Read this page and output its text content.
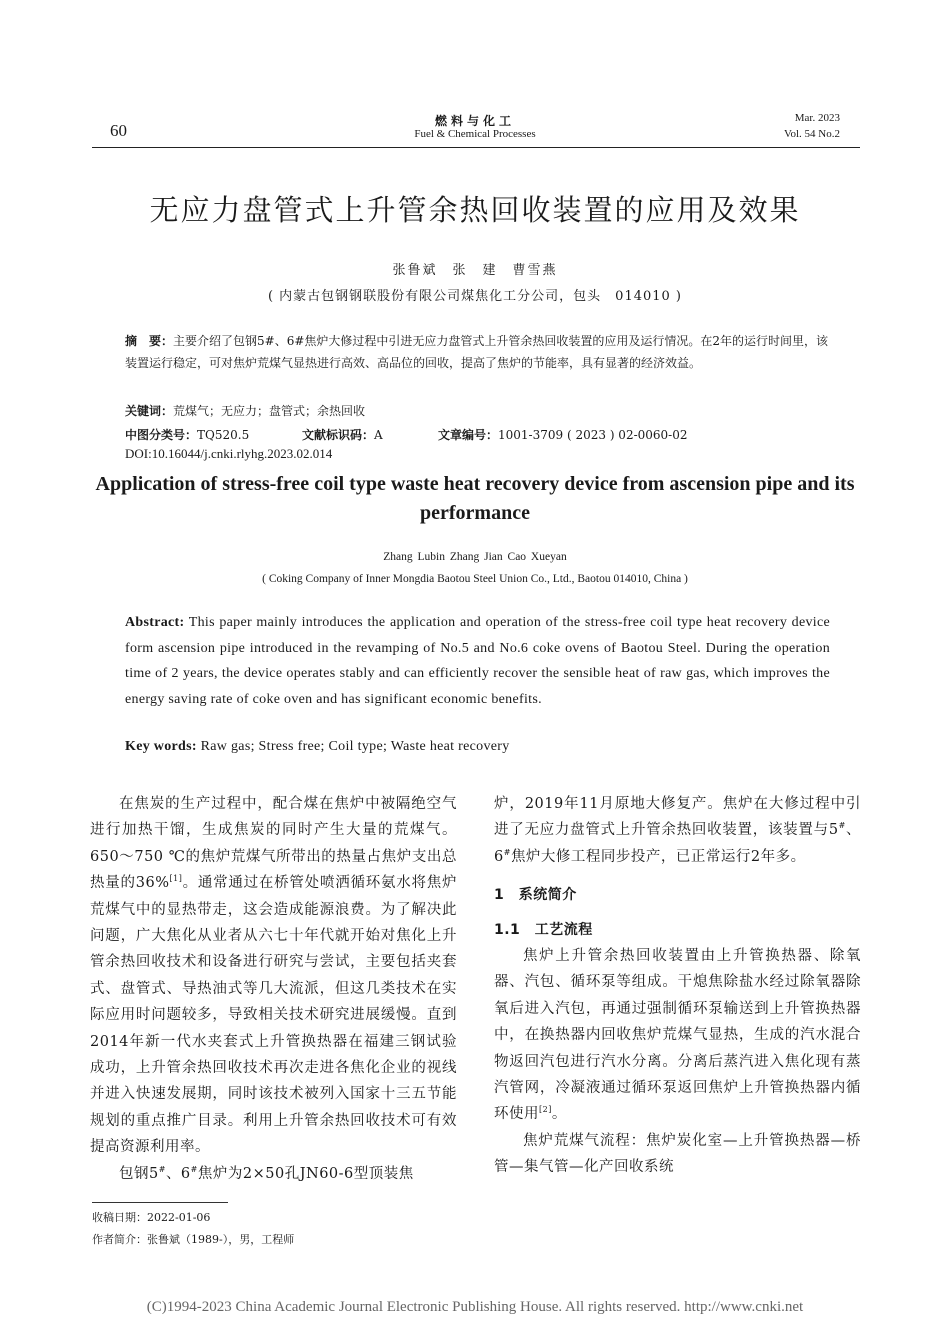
60	燃料与化工
Fuel & Chemical Processes
Mar. 2023
Vol. 54 No.2
无应力盘管式上升管余热回收装置的应用及效果
张鲁斌　张　建　曹雪燕
( 内蒙古包钢钢联股份有限公司煤焦化工分公司，包头　014010 )
摘　要：主要介绍了包钢5#、6#焦炉大修过程中引进无应力盘管式上升管余热回收装置的应用及运行情况。在2年的运行时间里，该装置运行稳定，可对焦炉荒煤气显热进行高效、高品位的回收，提高了焦炉的节能率，具有显著的经济效益。
关键词：荒煤气；无应力；盘管式；余热回收
中图分类号：TQ520.5	文献标识码：A	文章编号：1001-3709 ( 2023 ) 02-0060-02
DOI:10.16044/j.cnki.rlyhg.2023.02.014
Application of stress-free coil type waste heat recovery device from ascension pipe and its performance
Zhang Lubin Zhang Jian Cao Xueyan
( Coking Company of Inner Mongdia Baotou Steel Union Co., Ltd., Baotou 014010, China )
Abstract: This paper mainly introduces the application and operation of the stress-free coil type heat recovery device form ascension pipe introduced in the revamping of No.5 and No.6 coke ovens of Baotou Steel. During the operation time of 2 years, the device operates stably and can efficiently recover the sensible heat of raw gas, which improves the energy saving rate of coke oven and has significant economic benefits.
Key words: Raw gas; Stress free; Coil type; Waste heat recovery

在焦炭的生产过程中，配合煤在焦炉中被隔绝空气进行加热干馏，生成焦炭的同时产生大量的荒煤气。650～750 ℃的焦炉荒煤气所带出的热量占焦炉支出总热量的36%[1]。通常通过在桥管处喷洒循环氨水将焦炉荒煤气中的显热带走，这会造成能源浪费。为了解决此问题，广大焦化从业者从六七十年代就开始对焦化上升管余热回收技术和设备进行研究与尝试，主要包括夹套式、盘管式、导热油式等几大流派，但这几类技术在实际应用时问题较多，导致相关技术研究进展缓慢。直到2014年新一代水夹套式上升管换热器在福建三钢试验成功，上升管余热回收技术再次走进各焦化企业的视线并进入快速发展期，同时该技术被列入国家十三五节能规划的重点推广目录。利用上升管余热回收技术可有效提高资源利用率。

包钢5#、6#焦炉为2×50孔JN60-6型顶装焦

炉，2019年11月原地大修复产。焦炉在大修过程中引进了无应力盘管式上升管余热回收装置，该装置与5#、6#焦炉大修工程同步投产，已正常运行2年多。

1　系统简介
1.1　工艺流程

焦炉上升管余热回收装置由上升管换热器、除氧器、汽包、循环泵等组成。干熄焦除盐水经过除氧器除氧后进入汽包，再通过强制循环泵输送到上升管换热器中，在换热器内回收焦炉荒煤气显热，生成的汽水混合物返回汽包进行汽水分离。分离后蒸汽进入焦化现有蒸汽管网，冷凝液通过循环泵返回焦炉上升管换热器内循环使用[2]。

焦炉荒煤气流程：焦炉炭化室—上升管换热器—桥管—集气管—化产回收系统

收稿日期：2022-01-06
作者简介：张鲁斌（1989-），男，工程师
(C)1994-2023 China Academic Journal Electronic Publishing House. All rights reserved. http://www.cnki.net
